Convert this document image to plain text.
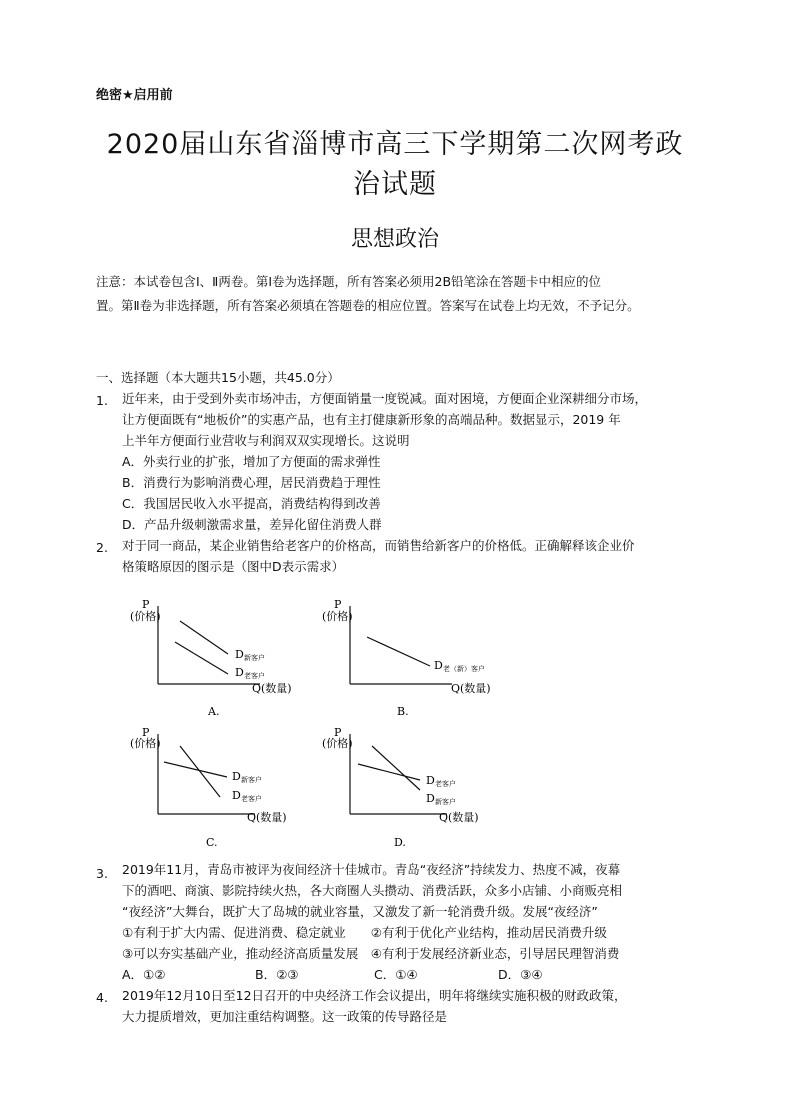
绝密★启用前
2020届山东省淄博市高三下学期第二次网考政
治试题
思想政治
注意：本试卷包含Ⅰ、Ⅱ两卷。第Ⅰ卷为选择题，所有答案必须用2B铅笔涂在答题卡中相应的位
置。第Ⅱ卷为非选择题，所有答案必须填在答题卷的相应位置。答案写在试卷上均无效，不予记分。
一、选择题（本大题共15小题，共45.0分）
1. 近年来，由于受到外卖市场冲击，方便面销量一度锐减。面对困境，方便面企业深耕细分市场，
让方便面既有“地板价”的实惠产品，也有主打健康新形象的高端品种。数据显示，2019 年
上半年方便面行业营收与利润双双实现增长。这说明
A．外卖行业的扩张，增加了方便面的需求弹性
B．消费行为影响消费心理，居民消费趋于理性
C．我国居民收入水平提高，消费结构得到改善
D．产品升级刺激需求量，差异化留住消费人群
2. 对于同一商品，某企业销售给老客户的价格高，而销售给新客户的价格低。正确解释该企业价
格策略原因的图示是（图中D表示需求）
P
(价格)
D 新客户
D 老客户
Q(数量)
A.
P
(价格)
D 老（新）客户
Q(数量)
B.
P
(价格)
D 新客户
D 老客户
Q(数量)
C.
P
(价格)
D 老客户
D 新客户
Q(数量)
D.
3. 2019年11月，青岛市被评为夜间经济十佳城市。青岛“夜经济”持续发力、热度不减，夜幕
下的酒吧、商演、影院持续火热，各大商圈人头攒动、消费活跃，众多小店铺、小商贩亮相
“夜经济”大舞台，既扩大了岛城的就业容量，又激发了新一轮消费升级。发展“夜经济”
①有利于扩大内需、促进消费、稳定就业　　②有利于优化产业结构，推动居民消费升级
③可以夯实基础产业，推动经济高质量发展　④有利于发展经济新业态，引导居民理智消费
A．①②	B．②③	C．①④	D．③④
4. 2019年12月10日至12日召开的中央经济工作会议提出，明年将继续实施积极的财政政策，
大力提质增效，更加注重结构调整。这一政策的传导路径是
